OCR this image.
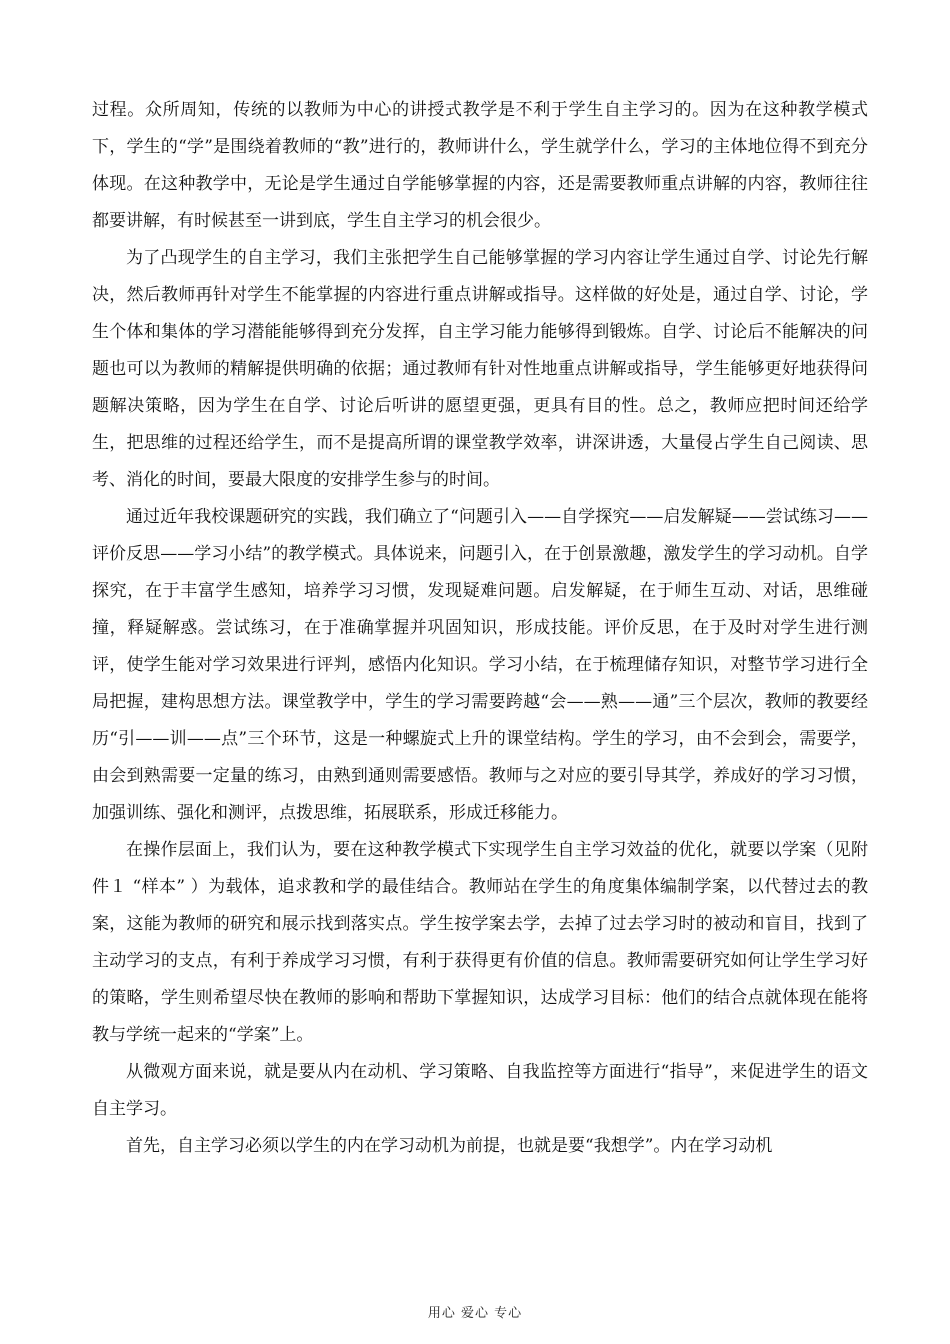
过程。众所周知，传统的以教师为中心的讲授式教学是不利于学生自主学习的。因为在这种教学模式下，学生的“学”是围绕着教师的“教”进行的，教师讲什么，学生就学什么，学习的主体地位得不到充分体现。在这种教学中，无论是学生通过自学能够掌握的内容，还是需要教师重点讲解的内容，教师往往都要讲解，有时候甚至一讲到底，学生自主学习的机会很少。

为了凸现学生的自主学习，我们主张把学生自己能够掌握的学习内容让学生通过自学、讨论先行解决，然后教师再针对学生不能掌握的内容进行重点讲解或指导。这样做的好处是，通过自学、讨论，学生个体和集体的学习潜能能够得到充分发挥，自主学习能力能够得到锻炼。自学、讨论后不能解决的问题也可以为教师的精解提供明确的依据；通过教师有针对性地重点讲解或指导，学生能够更好地获得问题解决策略，因为学生在自学、讨论后听讲的愿望更强，更具有目的性。总之，教师应把时间还给学生，把思维的过程还给学生，而不是提高所谓的课堂教学效率，讲深讲透，大量侵占学生自己阅读、思考、消化的时间，要最大限度的安排学生参与的时间。

通过近年我校课题研究的实践，我们确立了“问题引入——自学探究——启发解疑——尝试练习——评价反思——学习小结”的教学模式。具体说来，问题引入，在于创景激趣，激发学生的学习动机。自学探究，在于丰富学生感知，培养学习习惯，发现疑难问题。启发解疑，在于师生互动、对话，思维碰撞，释疑解惑。尝试练习，在于准确掌握并巩固知识，形成技能。评价反思，在于及时对学生进行测评，使学生能对学习效果进行评判，感悟内化知识。学习小结，在于梳理储存知识，对整节学习进行全局把握，建构思想方法。课堂教学中，学生的学习需要跨越“会——熟——通”三个层次，教师的教要经历“引——训——点”三个环节，这是一种螺旋式上升的课堂结构。学生的学习，由不会到会，需要学，由会到熟需要一定量的练习，由熟到通则需要感悟。教师与之对应的要引导其学，养成好的学习习惯，加强训练、强化和测评，点拨思维，拓展联系，形成迁移能力。

在操作层面上，我们认为，要在这种教学模式下实现学生自主学习效益的优化，就要以学案（见附件１ “样本” ）为载体，追求教和学的最佳结合。教师站在学生的角度集体编制学案，以代替过去的教案，这能为教师的研究和展示找到落实点。学生按学案去学，去掉了过去学习时的被动和盲目，找到了主动学习的支点，有利于养成学习习惯，有利于获得更有价值的信息。教师需要研究如何让学生学习好的策略，学生则希望尽快在教师的影响和帮助下掌握知识，达成学习目标：他们的结合点就体现在能将教与学统一起来的“学案”上。

从微观方面来说，就是要从内在动机、学习策略、自我监控等方面进行“指导”，来促进学生的语文自主学习。

首先，自主学习必须以学生的内在学习动机为前提，也就是要“我想学”。内在学习动机

用心 爱心 专心
